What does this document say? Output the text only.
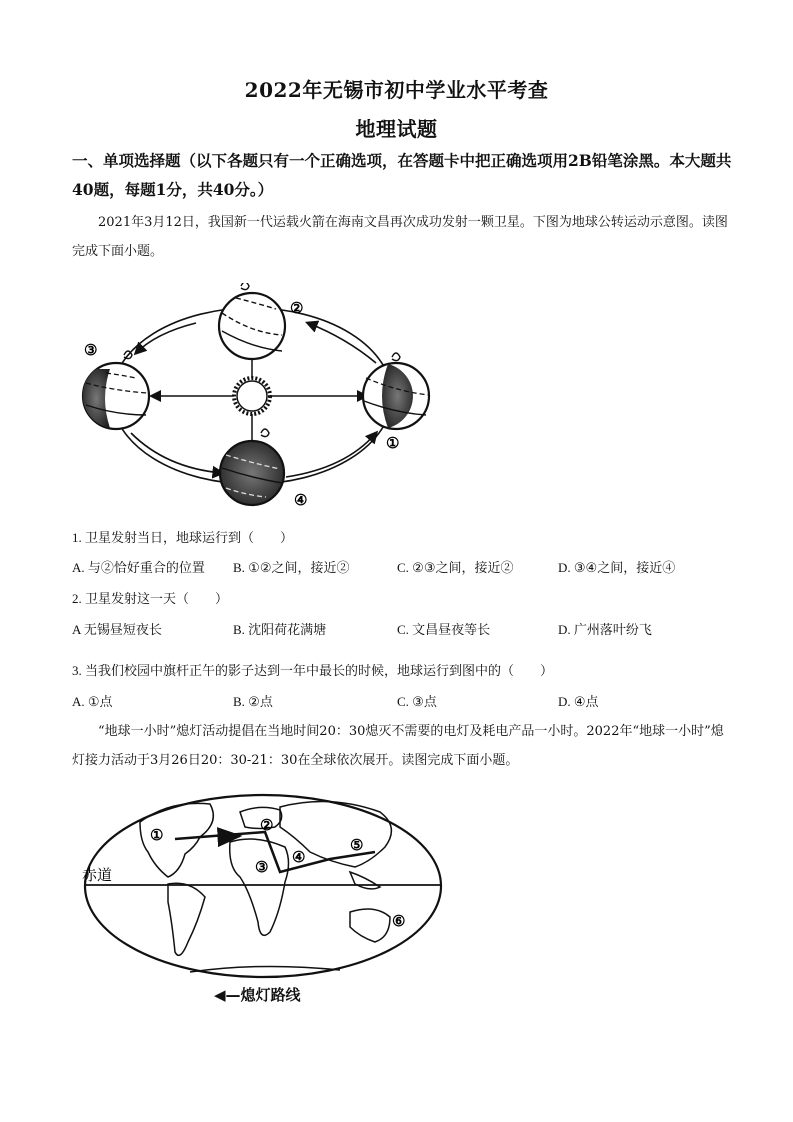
2022年无锡市初中学业水平考查
地理试题
一、单项选择题（以下各题只有一个正确选项，在答题卡中把正确选项用2B铅笔涂黑。本大题共40题，每题1分，共40分。）
2021年3月12日，我国新一代运载火箭在海南文昌再次成功发射一颗卫星。下图为地球公转运动示意图。读图完成下面小题。
②
③
①
④
1. 卫星发射当日，地球运行到（　　）
A. 与②恰好重合的位置 B. ①②之间，接近②	C. ②③之间，接近②	D. ③④之间，接近④
2. 卫星发射这一天（　　）
A 无锡昼短夜长	B. 沈阳荷花满塘	C. 文昌昼夜等长	D. 广州落叶纷飞
3. 当我们校园中旗杆正午的影子达到一年中最长的时候，地球运行到图中的（　　）
A. ①点	B. ②点	C. ③点	D. ④点
“地球一小时”熄灯活动提倡在当地时间20：30熄灭不需要的电灯及耗电产品一小时。2022年“地球一小时”熄灯接力活动于3月26日20：30-21：30在全球依次展开。读图完成下面小题。
赤道
①
②
③
④
⑤
⑥
◀—熄灯路线
